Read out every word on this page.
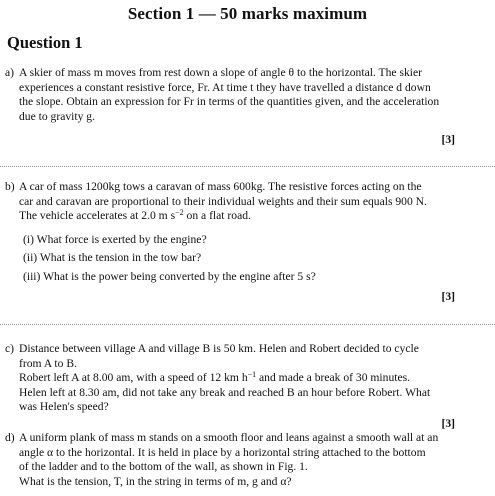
Section 1 — 50 marks maximum
Question 1
a) A skier of mass m moves from rest down a slope of angle θ to the horizontal. The skier
experiences a constant resistive force, Fr. At time t they have travelled a distance d down
the slope. Obtain an expression for Fr in terms of the quantities given, and the acceleration
due to gravity g.
[3]
b) A car of mass 1200kg tows a caravan of mass 600kg. The resistive forces acting on the
car and caravan are proportional to their individual weights and their sum equals 900 N.
The vehicle accelerates at 2.0 m $s^{-2}$ on a flat road.
(i) What force is exerted by the engine?
(ii) What is the tension in the tow bar?
(iii) What is the power being converted by the engine after 5 s?
[3]
c) Distance between village A and village B is 50 km. Helen and Robert decided to cycle
from A to B.
Robert left A at 8.00 am, with a speed of 12 km $h^{-1}$ and made a break of 30 minutes.
Helen left at 8.30 am, did not take any break and reached B an hour before Robert. What
was Helen's speed?
[3]
d) A uniform plank of mass m stands on a smooth floor and leans against a smooth wall at an
angle α to the horizontal. It is held in place by a horizontal string attached to the bottom
of the ladder and to the bottom of the wall, as shown in Fig. 1.
What is the tension, T, in the string in terms of m, g and α?
